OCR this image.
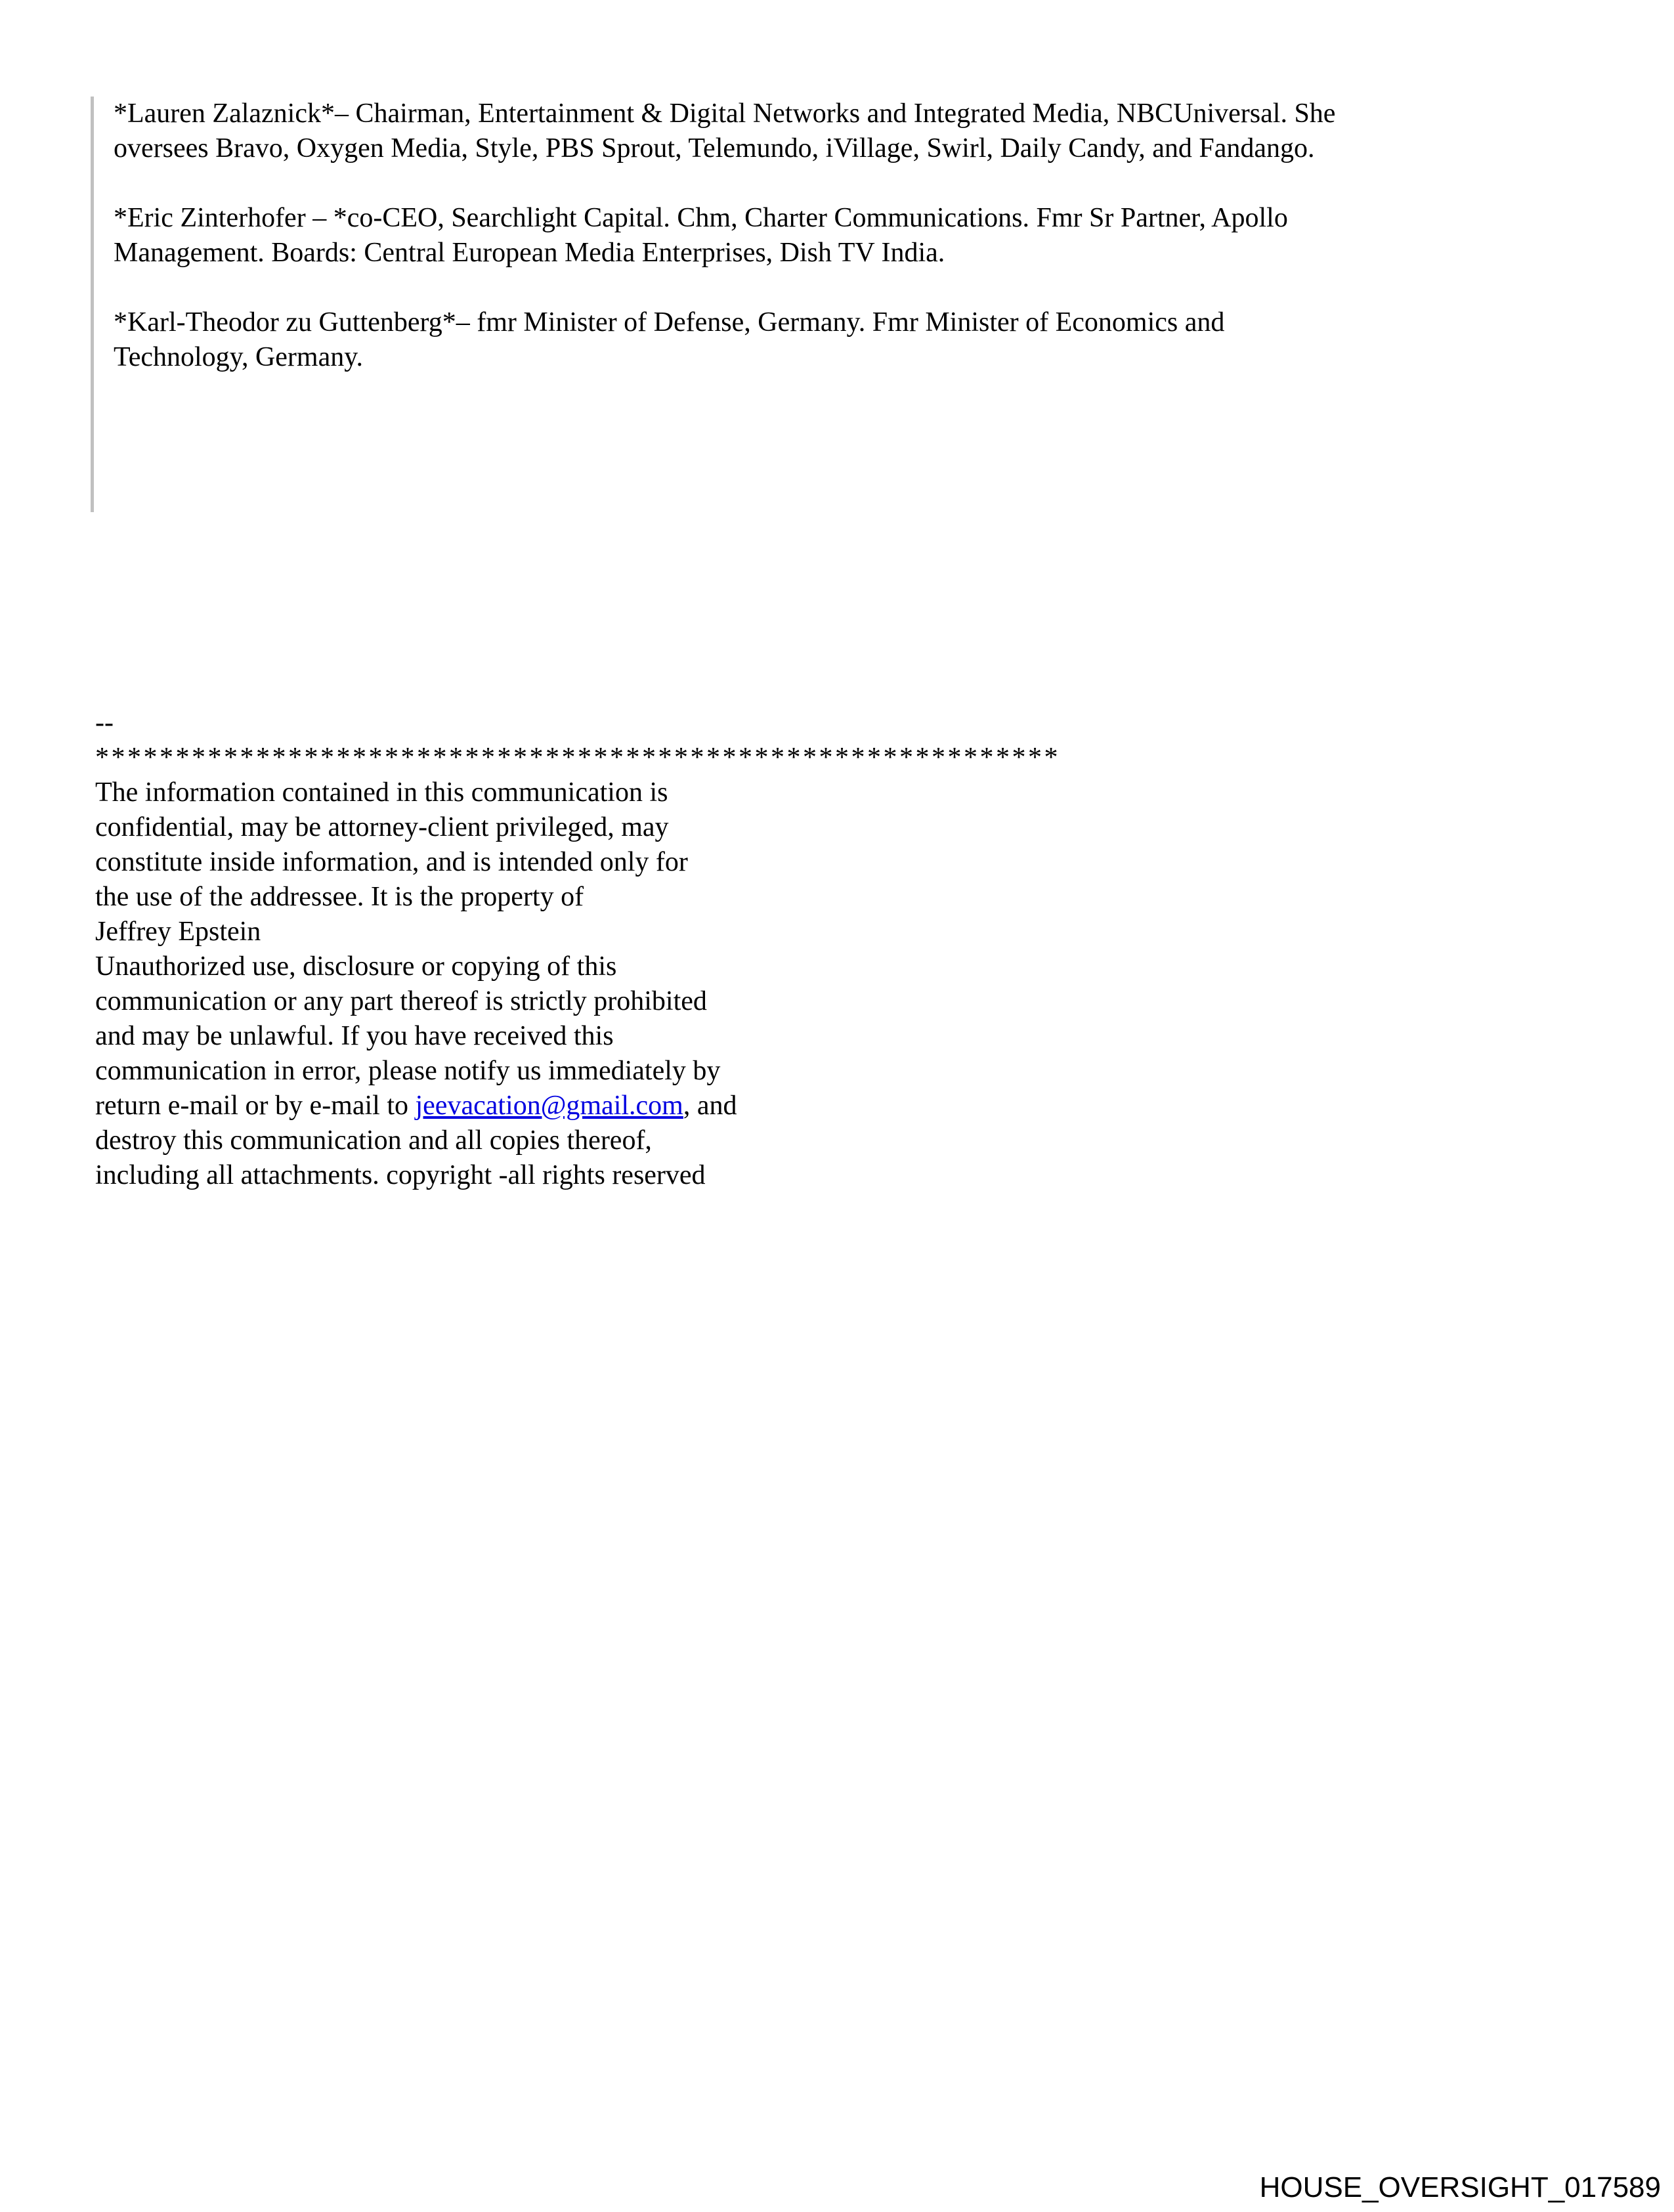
*Lauren Zalaznick*– Chairman, Entertainment & Digital Networks and Integrated Media, NBCUniversal. She
oversees Bravo, Oxygen Media, Style, PBS Sprout, Telemundo, iVillage, Swirl, Daily Candy, and Fandango.
*Eric Zinterhofer – *co-CEO, Searchlight Capital. Chm, Charter Communications. Fmr Sr Partner, Apollo
Management. Boards: Central European Media Enterprises, Dish TV India.
*Karl-Theodor zu Guttenberg*– fmr Minister of Defense, Germany. Fmr Minister of Economics and
Technology, Germany.
--
************************************************************
The information contained in this communication is
confidential, may be attorney-client privileged, may
constitute inside information, and is intended only for
the use of the addressee. It is the property of
Jeffrey Epstein
Unauthorized use, disclosure or copying of this
communication or any part thereof is strictly prohibited
and may be unlawful. If you have received this
communication in error, please notify us immediately by
return e-mail or by e-mail to jeevacation@gmail.com, and
destroy this communication and all copies thereof,
including all attachments. copyright -all rights reserved
HOUSE_OVERSIGHT_017589
